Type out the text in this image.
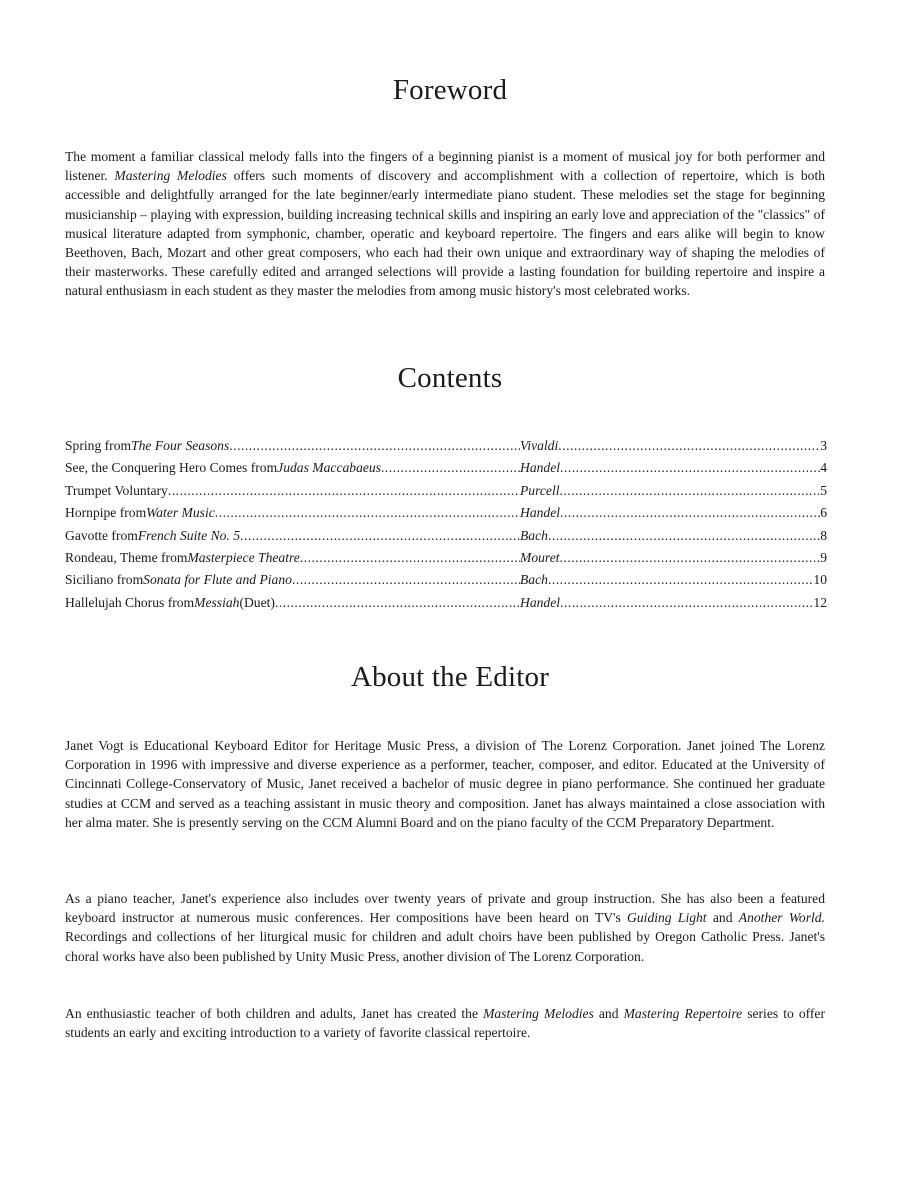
Foreword

The moment a familiar classical melody falls into the fingers of a beginning pianist is a moment of musical joy for both performer and listener. Mastering Melodies offers such moments of discovery and accomplishment with a collection of repertoire, which is both accessible and delightfully arranged for the late beginner/early intermediate piano student. These melodies set the stage for beginning musicianship – playing with expression, building increasing technical skills and inspiring an early love and appreciation of the "classics" of musical literature adapted from symphonic, chamber, operatic and keyboard repertoire. The fingers and ears alike will begin to know Beethoven, Bach, Mozart and other great composers, who each had their own unique and extraordinary way of shaping the melodies of their masterworks. These carefully edited and arranged selections will provide a lasting foundation for building repertoire and inspire a natural enthusiasm in each student as they master the melodies from among music history's most celebrated works.

Contents
Spring from The Four Seasons .....	Vivaldi .....	3
See, the Conquering Hero Comes from Judas Maccabaeus .....	Handel .....	4
Trumpet Voluntary .....	Purcell .....	5
Hornpipe from Water Music .....	Handel .....	6
Gavotte from French Suite No. 5 .....	Bach .....	8
Rondeau, Theme from Masterpiece Theatre .....	Mouret .....	9
Siciliano from Sonata for Flute and Piano .....	Bach .....	10
Hallelujah Chorus from Messiah (Duet) .....	Handel .....	12
About the Editor

Janet Vogt is Educational Keyboard Editor for Heritage Music Press, a division of The Lorenz Corporation. Janet joined The Lorenz Corporation in 1996 with impressive and diverse experience as a performer, teacher, composer, and editor. Educated at the University of Cincinnati College-Conservatory of Music, Janet received a bachelor of music degree in piano performance. She continued her graduate studies at CCM and served as a teaching assistant in music theory and composition. Janet has always maintained a close association with her alma mater. She is presently serving on the CCM Alumni Board and on the piano faculty of the CCM Preparatory Department.

As a piano teacher, Janet's experience also includes over twenty years of private and group instruction. She has also been a featured keyboard instructor at numerous music conferences. Her compositions have been heard on TV's Guiding Light and Another World. Recordings and collections of her liturgical music for children and adult choirs have been published by Oregon Catholic Press. Janet's choral works have also been published by Unity Music Press, another division of The Lorenz Corporation.

An enthusiastic teacher of both children and adults, Janet has created the Mastering Melodies and Mastering Repertoire series to offer students an early and exciting introduction to a variety of favorite classical repertoire.
